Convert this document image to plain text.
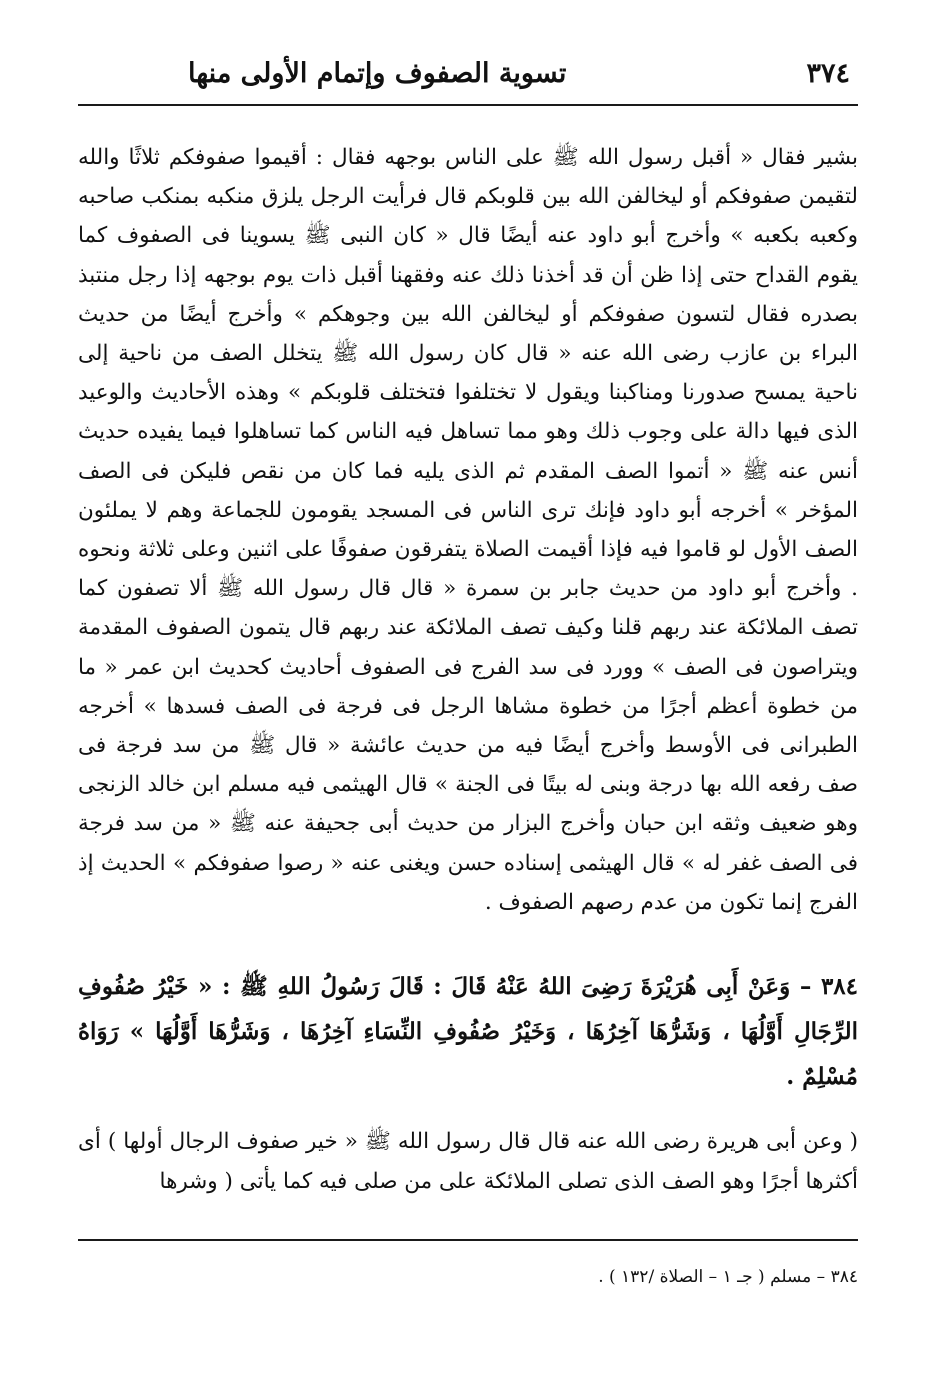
٣٧٤
تسوية الصفوف وإتمام الأولى منها

بشير فقال « أقبل رسول الله ﷺ على الناس بوجهه فقال : أقيموا صفوفكم ثلاثًا والله لتقيمن صفوفكم أو ليخالفن الله بين قلوبكم قال فرأيت الرجل يلزق منكبه بمنكب صاحبه وكعبه بكعبه » وأخرج أبو داود عنه أيضًا قال « كان النبى ﷺ يسوينا فى الصفوف كما يقوم القداح حتى إذا ظن أن قد أخذنا ذلك عنه وفقهنا أقبل ذات يوم بوجهه إذا رجل منتبذ بصدره فقال لتسون صفوفكم أو ليخالفن الله بين وجوهكم » وأخرج أيضًا من حديث البراء بن عازب رضى الله عنه « قال كان رسول الله ﷺ يتخلل الصف من ناحية إلى ناحية يمسح صدورنا ومناكبنا ويقول لا تختلفوا فتختلف قلوبكم » وهذه الأحاديث والوعيد الذى فيها دالة على وجوب ذلك وهو مما تساهل فيه الناس كما تساهلوا فيما يفيده حديث أنس عنه ﷺ « أتموا الصف المقدم ثم الذى يليه فما كان من نقص فليكن فى الصف المؤخر » أخرجه أبو داود فإنك ترى الناس فى المسجد يقومون للجماعة وهم لا يملئون الصف الأول لو قاموا فيه فإذا أقيمت الصلاة يتفرقون صفوفًا على اثنين وعلى ثلاثة ونحوه . وأخرج أبو داود من حديث جابر بن سمرة « قال قال رسول الله ﷺ ألا تصفون كما تصف الملائكة عند ربهم قلنا وكيف تصف الملائكة عند ربهم قال يتمون الصفوف المقدمة ويتراصون فى الصف » وورد فى سد الفرج فى الصفوف أحاديث كحديث ابن عمر « ما من خطوة أعظم أجرًا من خطوة مشاها الرجل فى فرجة فى الصف فسدها » أخرجه الطبرانى فى الأوسط وأخرج أيضًا فيه من حديث عائشة « قال ﷺ من سد فرجة فى صف رفعه الله بها درجة وبنى له بيتًا فى الجنة » قال الهيثمى فيه مسلم ابن خالد الزنجى وهو ضعيف وثقه ابن حبان وأخرج البزار من حديث أبى جحيفة عنه ﷺ « من سد فرجة فى الصف غفر له » قال الهيثمى إسناده حسن ويغنى عنه « رصوا صفوفكم » الحديث إذ الفرج إنما تكون من عدم رصهم الصفوف .

٣٨٤ – وَعَنْ أَبِى هُرَيْرَةَ رَضِىَ اللهُ عَنْهُ قَالَ : قَالَ رَسُولُ اللهِ ﷺ : « خَيْرُ صُفُوفِ الرِّجَالِ أَوَّلُهَا ، وَشَرُّهَا آخِرُهَا ، وَخَيْرُ صُفُوفِ النِّسَاءِ آخِرُهَا ، وَشَرُّهَا أَوَّلُهَا » رَوَاهُ مُسْلِمٌ .

( وعن أبى هريرة رضى الله عنه قال قال رسول الله ﷺ « خير صفوف الرجال أولها ) أى أكثرها أجرًا وهو الصف الذى تصلى الملائكة على من صلى فيه كما يأتى ( وشرها

٣٨٤ – مسلم ( جـ ١ – الصلاة /١٣٢ ) .
